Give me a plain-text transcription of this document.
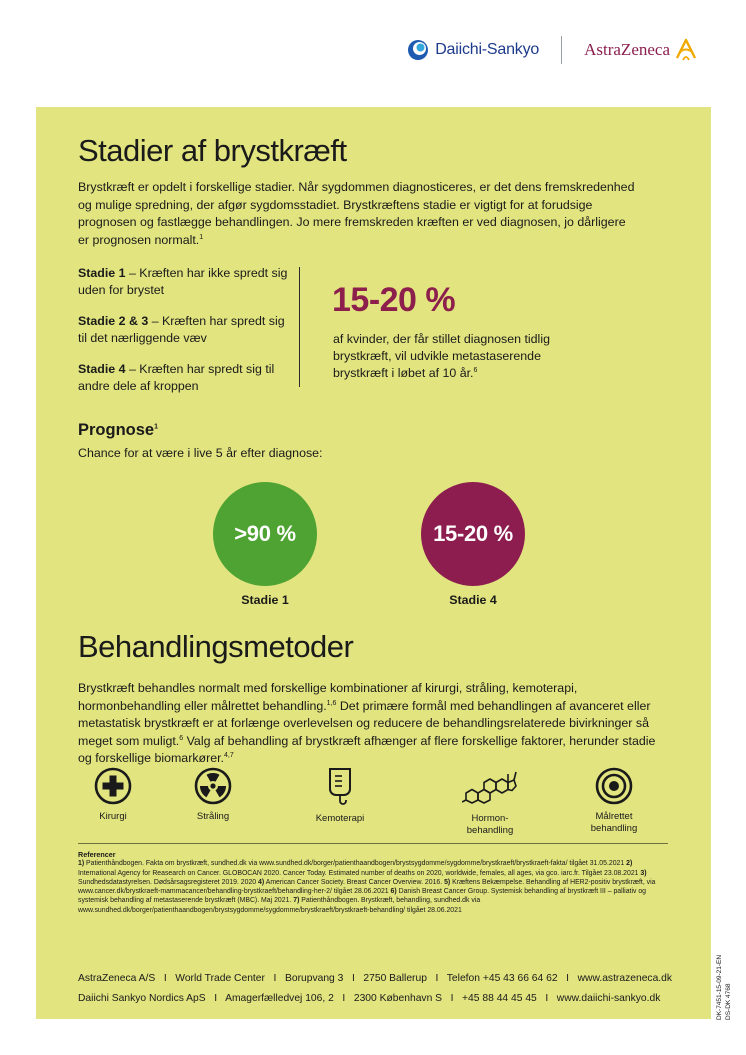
Daiichi-Sankyo	AstraZeneca
Stadier af brystkræft

Brystkræft er opdelt i forskellige stadier. Når sygdommen diagnosticeres, er det dens fremskredenhed og mulige spredning, der afgør sygdomsstadiet. Brystkræftens stadie er vigtigt for at forudsige prognosen og fastlægge behandlingen. Jo mere fremskreden kræften er ved diagnosen, jo dårligere er prognosen normalt.$^1$

Stadie 1 – Kræften har ikke spredt sig uden for brystet

Stadie 2 & 3 – Kræften har spredt sig til det nærliggende væv

Stadie 4 – Kræften har spredt sig til andre dele af kroppen

15-20 %

af kvinder, der får stillet diagnosen tidlig brystkræft, vil udvikle metastaserende brystkræft i løbet af 10 år.$^6$

Prognose$^1$
Chance for at være i live 5 år efter diagnose:
>90 %	15-20 %
Stadie 1	Stadie 4
Behandlingsmetoder

Brystkræft behandles normalt med forskellige kombinationer af kirurgi, stråling, kemoterapi, hormonbehandling eller målrettet behandling.$^{1,6}$ Det primære formål med behandlingen af avanceret eller metastatisk brystkræft er at forlænge overlevelsen og reducere de behandlingsrelaterede bivirkninger så meget som muligt.$^6$ Valg af behandling af brystkræft afhænger af flere forskellige faktorer, herunder stadie og forskellige biomarkører.$^{4,7}$

Kirurgi	Stråling	Kemoterapi	Hormon-
behandling
Målrettet
behandling
Referencer

1) Patienthåndbogen. Fakta om brystkræft, sundhed.dk via www.sundhed.dk/borger/patienthaandbogen/brystsygdomme/sygdomme/brystkraeft/brystkraeft-fakta/ tilgået 31.05.2021 2) International Agency for Reasearch on Cancer. GLOBOCAN 2020. Cancer Today. Estimated number of deaths on 2020, worldwide, females, all ages, via gco. iarc.fr. Tilgået 23.08.2021 3) Sundhedsdatastyrelsen. Dødsårsagsregisteret 2019. 2020 4) American Cancer Society. Breast Cancer Overview. 2016. 5) Kræftens Bekæmpelse. Behandling af HER2-positiv brystkræft, via www.cancer.dk/brystkraeft-mammacancer/behandling-brystkraeft/behandling-her-2/ tilgået 28.06.2021 6) Danish Breast Cancer Group. Systemisk behandling af brystkræft III – palliativ og systemisk behandling af metastaserende brystkræft (MBC). Maj 2021. 7) Patienthåndbogen. Brystkræft, behandling, sundhed.dk via www.sundhed.dk/borger/patienthaandbogen/brystsygdomme/sygdomme/brystkraeft/brystkraeft-behandling/ tilgået 28.06.2021

AstraZeneca A/S   I   World Trade Center   I   Borupvang 3   I   2750 Ballerup   I   Telefon +45 43 66 64 62   I   www.astrazeneca.dk
Daiichi Sankyo Nordics ApS   I   Amagerfælledvej 106, 2   I   2300 København S   I   +45 88 44 45 45   I   www.daiichi-sankyo.dk	DK-7451-15-09-21-EN DS-DK 4768
